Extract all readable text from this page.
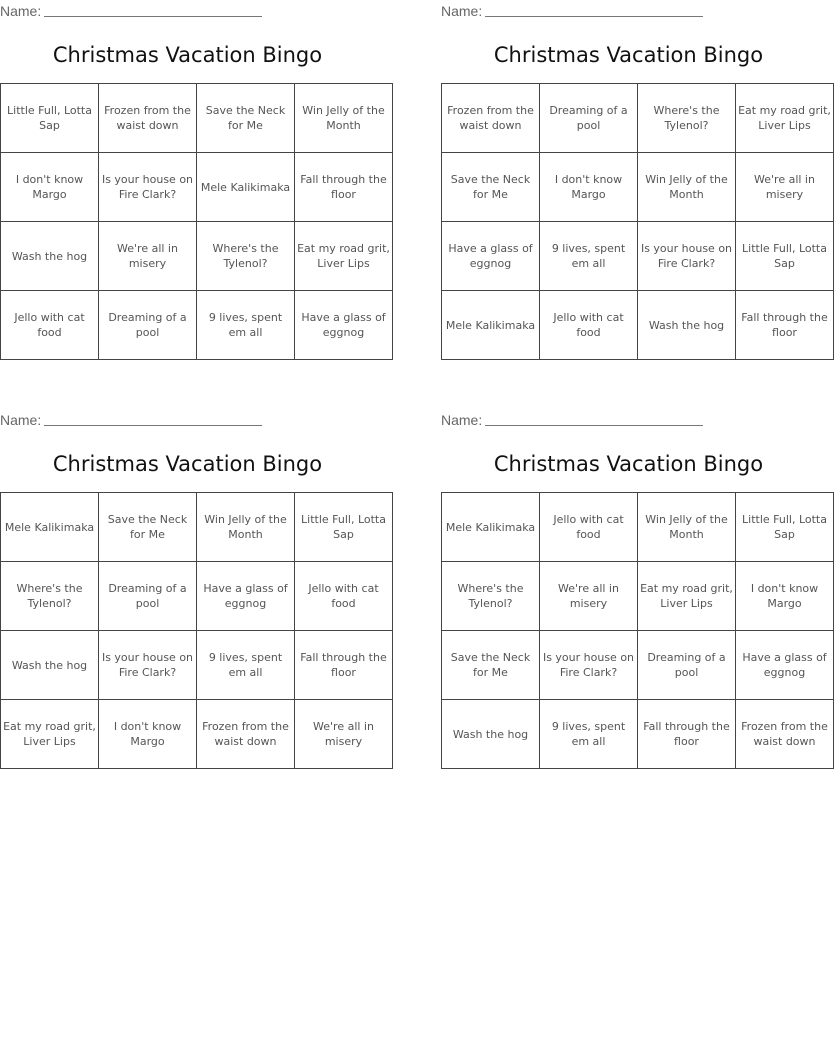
Name:
Christmas Vacation Bingo
Little Full, Lotta Sap	Frozen from the waist down	Save the Neck for Me	Win Jelly of the Month
I don't know Margo	Is your house on Fire Clark?	Mele Kalikimaka	Fall through the floor
Wash the hog	We're all in misery	Where's the Tylenol?	Eat my road grit, Liver Lips
Jello with cat food	Dreaming of a pool	9 lives, spent em all	Have a glass of eggnog
Name:
Christmas Vacation Bingo
Frozen from the waist down	Dreaming of a pool	Where's the Tylenol?	Eat my road grit, Liver Lips
Save the Neck for Me	I don't know Margo	Win Jelly of the Month	We're all in misery
Have a glass of eggnog	9 lives, spent em all	Is your house on Fire Clark?	Little Full, Lotta Sap
Mele Kalikimaka	Jello with cat food	Wash the hog	Fall through the floor
Name:
Christmas Vacation Bingo
Mele Kalikimaka	Save the Neck for Me	Win Jelly of the Month	Little Full, Lotta Sap
Where's the Tylenol?	Dreaming of a pool	Have a glass of eggnog	Jello with cat food
Wash the hog	Is your house on Fire Clark?	9 lives, spent em all	Fall through the floor
Eat my road grit, Liver Lips	I don't know Margo	Frozen from the waist down	We're all in misery
Name:
Christmas Vacation Bingo
Mele Kalikimaka	Jello with cat food	Win Jelly of the Month	Little Full, Lotta Sap
Where's the Tylenol?	We're all in misery	Eat my road grit, Liver Lips	I don't know Margo
Save the Neck for Me	Is your house on Fire Clark?	Dreaming of a pool	Have a glass of eggnog
Wash the hog	9 lives, spent em all	Fall through the floor	Frozen from the waist down
